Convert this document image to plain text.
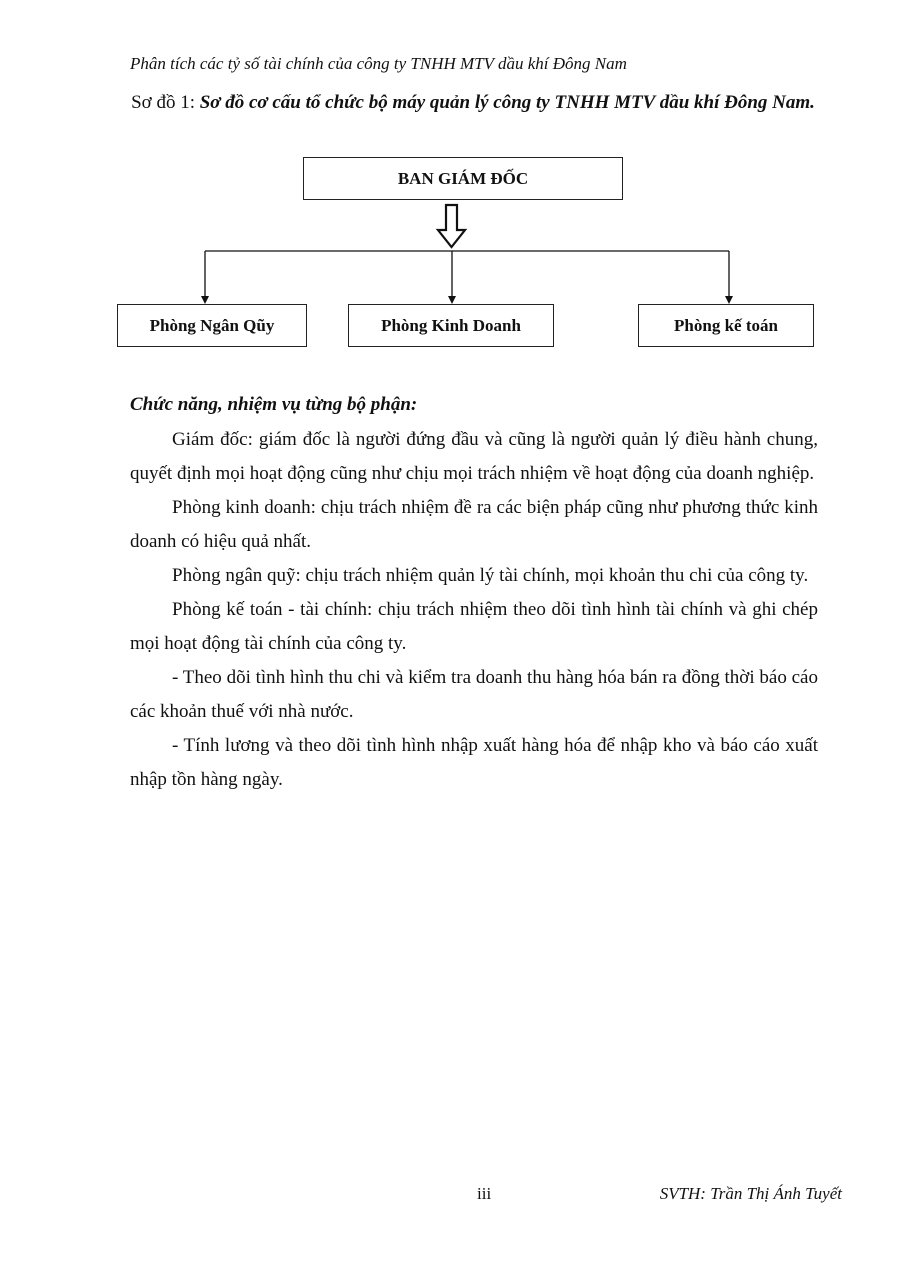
Phân tích các tỷ số tài chính của công ty TNHH MTV dầu khí Đông Nam
Sơ đồ 1: Sơ đồ cơ cấu tổ chức bộ máy quản lý công ty TNHH MTV dầu khí Đông Nam.
BAN GIÁM ĐỐC
Phòng Ngân Qũy	Phòng Kinh Doanh	Phòng kế toán
Chức năng, nhiệm vụ từng bộ phận:

Giám đốc: giám đốc là người đứng đầu và cũng là người quản lý điều hành chung, quyết định mọi hoạt động cũng như chịu mọi trách nhiệm về hoạt động của doanh nghiệp.

Phòng kinh doanh: chịu trách nhiệm đề ra các biện pháp cũng như phương thức kinh doanh có hiệu quả nhất.

Phòng ngân quỹ: chịu trách nhiệm quản lý tài chính, mọi khoản thu chi của công ty.

Phòng kế toán - tài chính: chịu trách nhiệm theo dõi tình hình tài chính và ghi chép mọi hoạt động tài chính của công ty.

- Theo dõi tình hình thu chi và kiểm tra doanh thu hàng hóa bán ra đồng thời báo cáo các khoản thuế với nhà nước.

- Tính lương và theo dõi tình hình nhập xuất hàng hóa để nhập kho và báo cáo xuất nhập tồn hàng ngày.

iii	SVTH: Trần Thị Ánh Tuyết
